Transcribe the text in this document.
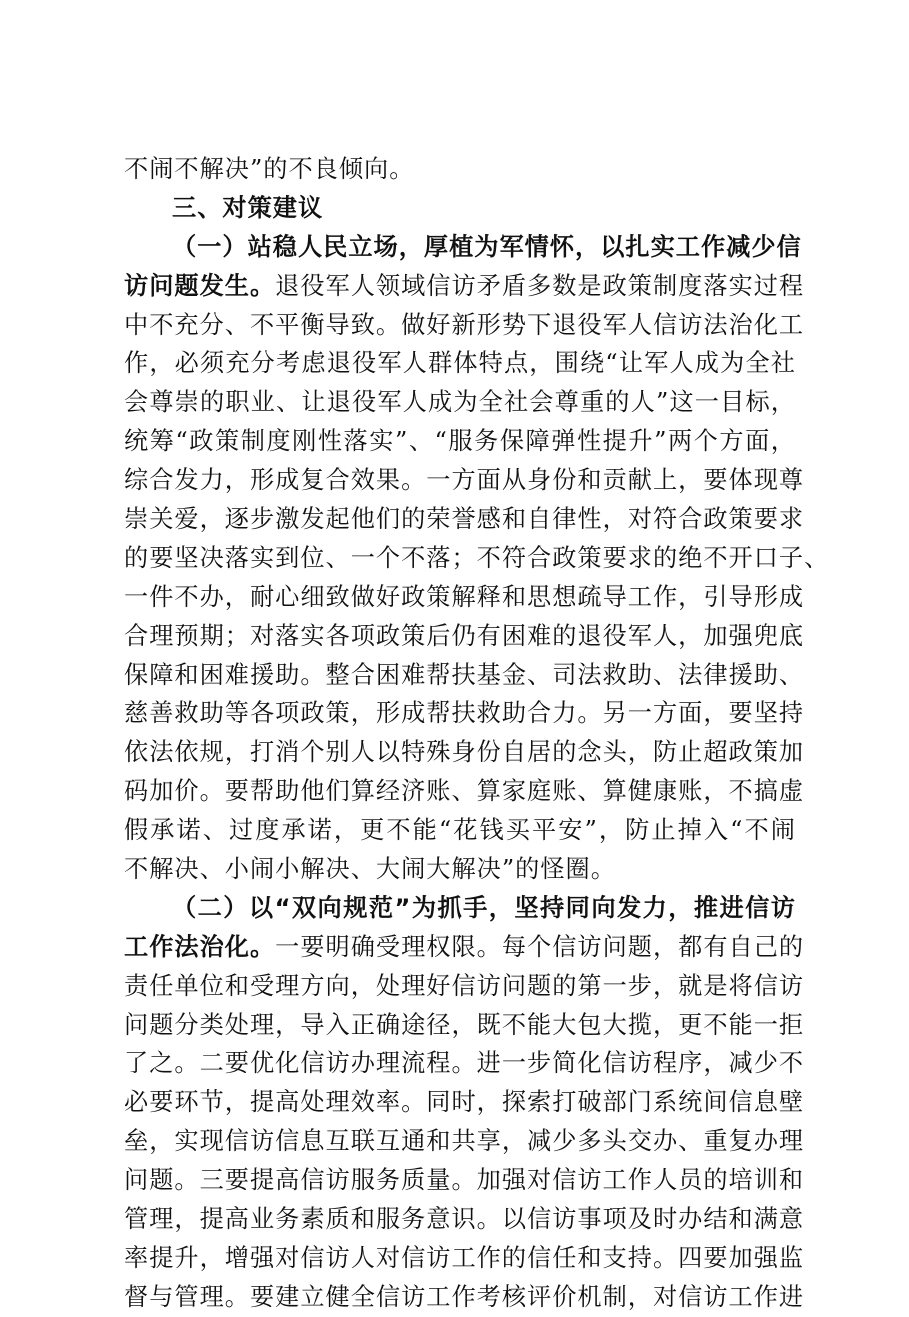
不闹不解决”的不良倾向。
三、对策建议
（一）站稳人民立场，厚植为军情怀，以扎实工作减少信
访问题发生。退役军人领域信访矛盾多数是政策制度落实过程
中不充分、不平衡导致。做好新形势下退役军人信访法治化工
作，必须充分考虑退役军人群体特点，围绕“让军人成为全社
会尊崇的职业、让退役军人成为全社会尊重的人”这一目标，
统筹“政策制度刚性落实”、“服务保障弹性提升”两个方面，
综合发力，形成复合效果。一方面从身份和贡献上，要体现尊
崇关爱，逐步激发起他们的荣誉感和自律性，对符合政策要求
的要坚决落实到位、一个不落；不符合政策要求的绝不开口子、
一件不办，耐心细致做好政策解释和思想疏导工作，引导形成
合理预期；对落实各项政策后仍有困难的退役军人，加强兜底
保障和困难援助。整合困难帮扶基金、司法救助、法律援助、
慈善救助等各项政策，形成帮扶救助合力。另一方面，要坚持
依法依规，打消个别人以特殊身份自居的念头，防止超政策加
码加价。要帮助他们算经济账、算家庭账、算健康账，不搞虚
假承诺、过度承诺，更不能“花钱买平安”，防止掉入“不闹
不解决、小闹小解决、大闹大解决”的怪圈。
（二）以“双向规范”为抓手，坚持同向发力，推进信访
工作法治化。一要明确受理权限。每个信访问题，都有自己的
责任单位和受理方向，处理好信访问题的第一步，就是将信访
问题分类处理，导入正确途径，既不能大包大揽，更不能一拒
了之。二要优化信访办理流程。进一步简化信访程序，减少不
必要环节，提高处理效率。同时，探索打破部门系统间信息壁
垒，实现信访信息互联互通和共享，减少多头交办、重复办理
问题。三要提高信访服务质量。加强对信访工作人员的培训和
管理，提高业务素质和服务意识。以信访事项及时办结和满意
率提升，增强对信访人对信访工作的信任和支持。四要加强监
督与管理。要建立健全信访工作考核评价机制，对信访工作进
